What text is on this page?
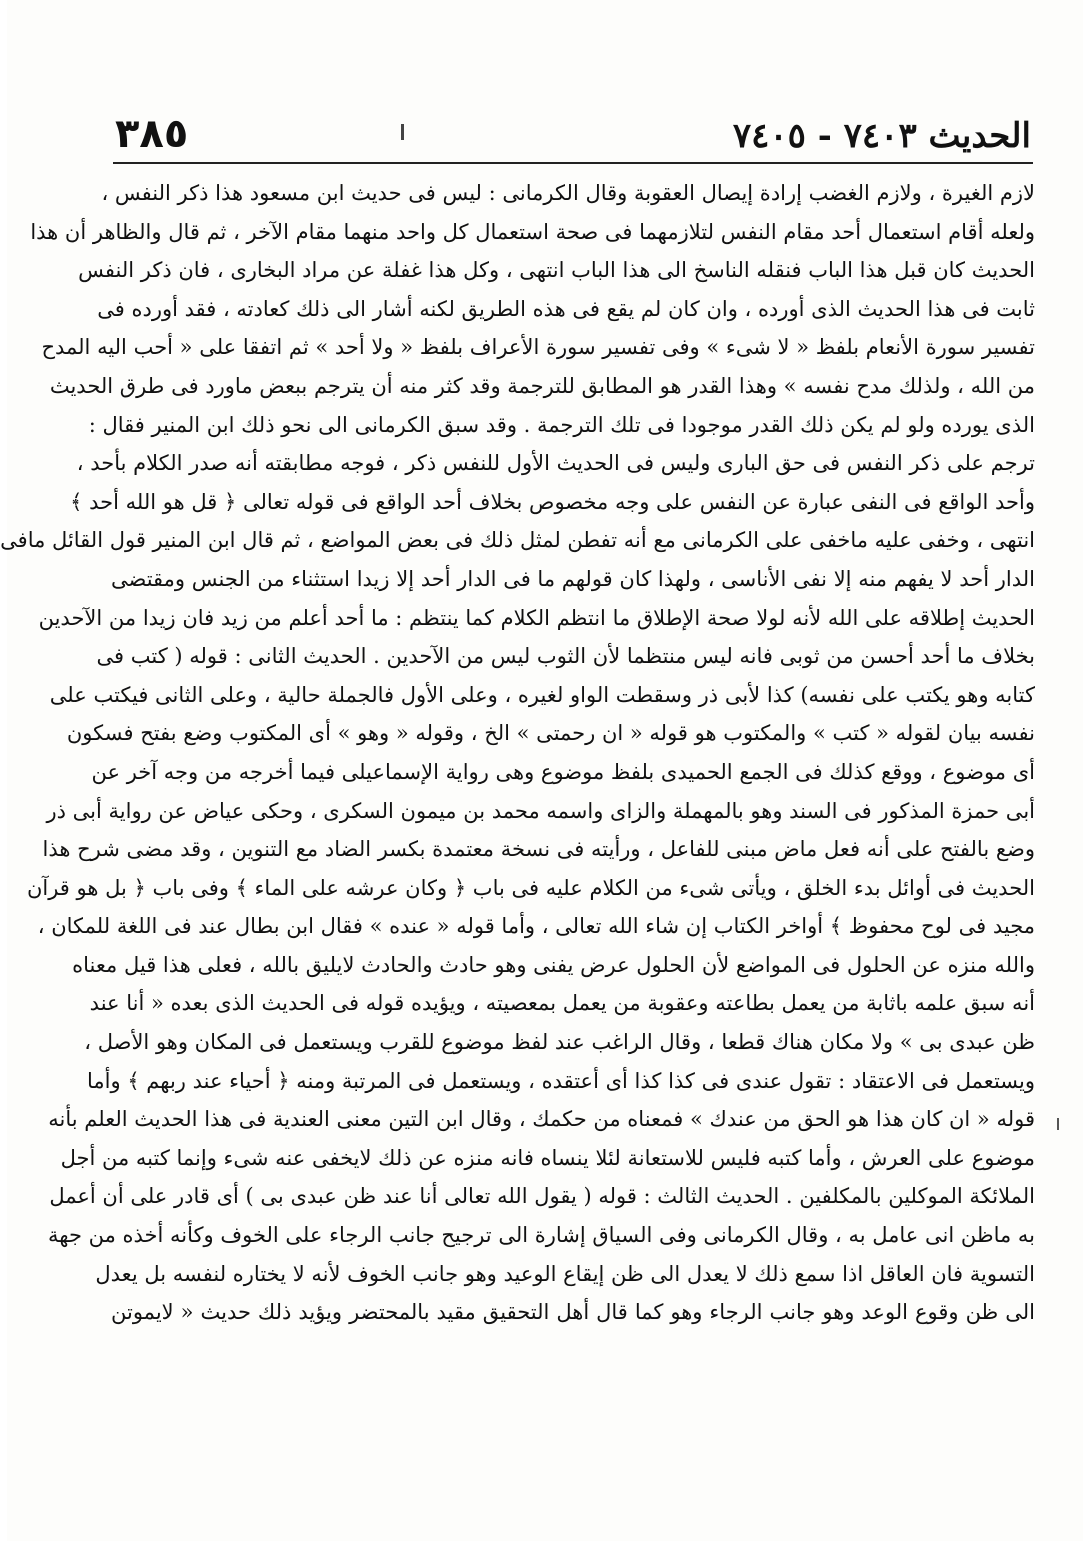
٣٨٥	الحديث ٧٤٠٣ - ٧٤٠٥
لازم الغيرة ، ولازم الغضب إرادة إيصال العقوبة وقال الكرمانى : ليس فى حديث ابن مسعود هذا ذكر النفس ،
ولعله أقام استعمال أحد مقام النفس لتلازمهما فى صحة استعمال كل واحد منهما مقام الآخر ، ثم قال والظاهر أن هذا
الحديث كان قبل هذا الباب فنقله الناسخ الى هذا الباب انتهى ، وكل هذا غفلة عن مراد البخارى ، فان ذكر النفس
ثابت فى هذا الحديث الذى أورده ، وان كان لم يقع فى هذه الطريق لكنه أشار الى ذلك كعادته ، فقد أورده فى
تفسير سورة الأنعام بلفظ « لا شىء » وفى تفسير سورة الأعراف بلفظ « ولا أحد » ثم اتفقا على « أحب اليه المدح
من الله ، ولذلك مدح نفسه » وهذا القدر هو المطابق للترجمة وقد كثر منه أن يترجم ببعض ماورد فى طرق الحديث
الذى يورده ولو لم يكن ذلك القدر موجودا فى تلك الترجمة . وقد سبق الكرمانى الى نحو ذلك ابن المنير فقال :
ترجم على ذكر النفس فى حق البارى وليس فى الحديث الأول للنفس ذكر ، فوجه مطابقته أنه صدر الكلام بأحد ،
وأحد الواقع فى النفى عبارة عن النفس على وجه مخصوص بخلاف أحد الواقع فى قوله تعالى ﴿ قل هو الله أحد ﴾
انتهى ، وخفى عليه ماخفى على الكرمانى مع أنه تفطن لمثل ذلك فى بعض المواضع ، ثم قال ابن المنير قول القائل مافى
الدار أحد لا يفهم منه إلا نفى الأناسى ، ولهذا كان قولهم ما فى الدار أحد إلا زيدا استثناء من الجنس ومقتضى
الحديث إطلاقه على الله لأنه لولا صحة الإطلاق ما انتظم الكلام كما ينتظم : ما أحد أعلم من زيد فان زيدا من الآحدين
بخلاف ما أحد أحسن من ثوبى فانه ليس منتظما لأن الثوب ليس من الآحدين . الحديث الثانى : قوله ( كتب فى
كتابه وهو يكتب على نفسه) كذا لأبى ذر وسقطت الواو لغيره ، وعلى الأول فالجملة حالية ، وعلى الثانى فيكتب على
نفسه بيان لقوله « كتب » والمكتوب هو قوله « ان رحمتى » الخ ، وقوله « وهو » أى المكتوب وضع بفتح فسكون
أى موضوع ، ووقع كذلك فى الجمع الحميدى بلفظ موضوع وهى رواية الإسماعيلى فيما أخرجه من وجه آخر عن
أبى حمزة المذكور فى السند وهو بالمهملة والزاى واسمه محمد بن ميمون السكرى ، وحكى عياض عن رواية أبى ذر
وضع بالفتح على أنه فعل ماض مبنى للفاعل ، ورأيته فى نسخة معتمدة بكسر الضاد مع التنوين ، وقد مضى شرح هذا
الحديث فى أوائل بدء الخلق ، ويأتى شىء من الكلام عليه فى باب ﴿ وكان عرشه على الماء ﴾ وفى باب ﴿ بل هو قرآن
مجيد فى لوح محفوظ ﴾ أواخر الكتاب إن شاء الله تعالى ، وأما قوله « عنده » فقال ابن بطال عند فى اللغة للمكان ،
والله منزه عن الحلول فى المواضع لأن الحلول عرض يفنى وهو حادث والحادث لايليق بالله ، فعلى هذا قيل معناه
أنه سبق علمه باثابة من يعمل بطاعته وعقوبة من يعمل بمعصيته ، ويؤيده قوله فى الحديث الذى بعده « أنا عند
ظن عبدى بى » ولا مكان هناك قطعا ، وقال الراغب عند لفظ موضوع للقرب ويستعمل فى المكان وهو الأصل ،
ويستعمل فى الاعتقاد : تقول عندى فى كذا كذا أى أعتقده ، ويستعمل فى المرتبة ومنه ﴿ أحياء عند ربهم ﴾ وأما
قوله « ان كان هذا هو الحق من عندك » فمعناه من حكمك ، وقال ابن التين معنى العندية فى هذا الحديث العلم بأنه
موضوع على العرش ، وأما كتبه فليس للاستعانة لئلا ينساه فانه منزه عن ذلك لايخفى عنه شىء وإنما كتبه من أجل
الملائكة الموكلين بالمكلفين . الحديث الثالث : قوله ( يقول الله تعالى أنا عند ظن عبدى بى ) أى قادر على أن أعمل
به ماظن انى عامل به ، وقال الكرمانى وفى السياق إشارة الى ترجيح جانب الرجاء على الخوف وكأنه أخذه من جهة
التسوية فان العاقل اذا سمع ذلك لا يعدل الى ظن إيقاع الوعيد وهو جانب الخوف لأنه لا يختاره لنفسه بل يعدل
الى ظن وقوع الوعد وهو جانب الرجاء وهو كما قال أهل التحقيق مقيد بالمحتضر ويؤيد ذلك حديث « لايموتن
